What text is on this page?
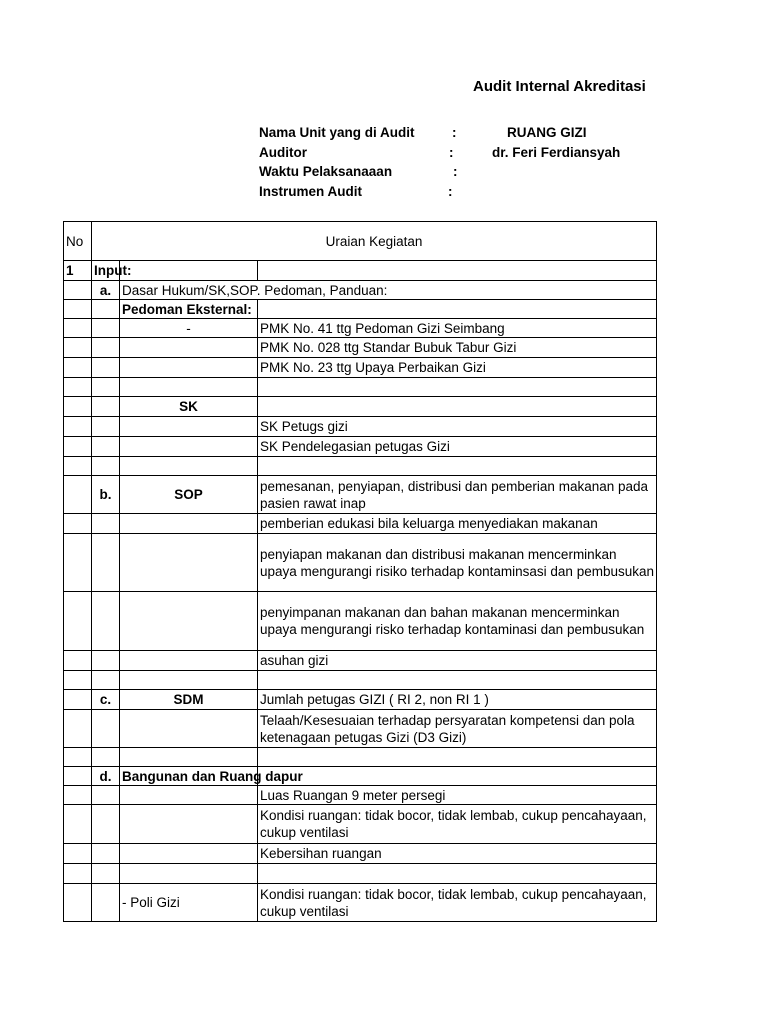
Audit Internal Akreditasi
Nama Unit yang di Audit	:	RUANG GIZI
Auditor	:	dr. Feri Ferdiansyah
Waktu Pelaksanaaan	:
Instrumen Audit	:
No	Uraian Kegiatan		
1	Input:		
	a.	Dasar Hukum/SK,SOP. Pedoman, Panduan:	
		Pedoman Eksternal:	
		-	PMK No. 41 ttg Pedoman Gizi Seimbang
			PMK No. 028 ttg Standar Bubuk Tabur Gizi
			PMK No. 23 ttg Upaya Perbaikan Gizi

		SK	
			SK Petugs gizi
			SK Pendelegasian petugas Gizi

	b.	SOP	pemesanan, penyiapan, distribusi dan pemberian makanan pada pasien rawat inap
			pemberian edukasi bila keluarga menyediakan makanan
			penyiapan makanan dan distribusi makanan mencerminkan upaya mengurangi risiko terhadap kontaminsasi dan pembusukan
			penyimpanan makanan dan bahan makanan mencerminkan upaya mengurangi risko terhadap kontaminasi dan pembusukan
			asuhan gizi

	c.	SDM	Jumlah petugas GIZI ( RI 2, non RI 1 )
			Telaah/Kesesuaian terhadap persyaratan kompetensi dan pola ketenagaan petugas Gizi (D3 Gizi)

	d.	Bangunan dan Ruang dapur	
			Luas Ruangan 9 meter persegi
			Kondisi ruangan: tidak bocor, tidak lembab, cukup pencahayaan, cukup ventilasi
			Kebersihan ruangan

		- Poli Gizi	Kondisi ruangan: tidak bocor, tidak lembab, cukup pencahayaan, cukup ventilasi
